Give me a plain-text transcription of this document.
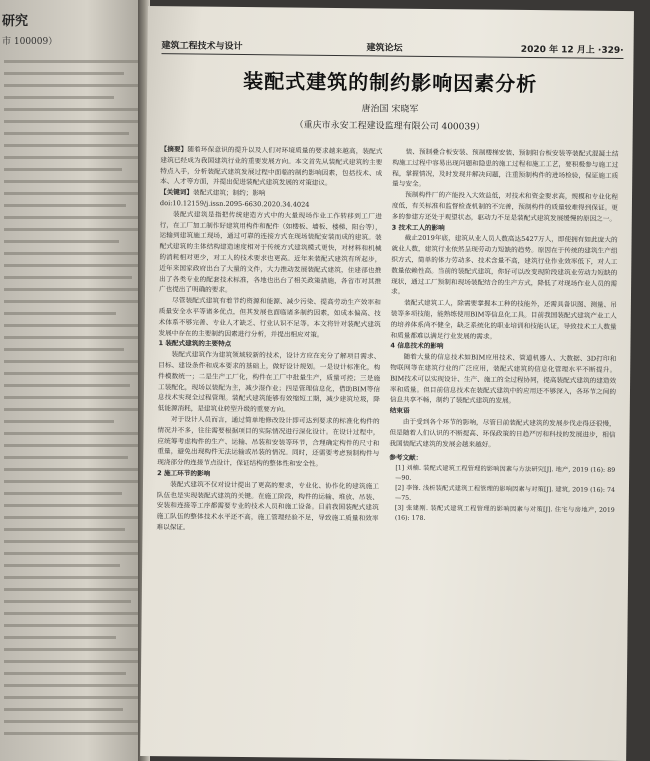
研究
市 100009）	建筑工程技术与设计	建筑论坛	2020 年 12 月上 ·329·
装配式建筑的制约影响因素分析
唐治国 宋晓军
（重庆市永安工程建设监理有限公司 400039）

【摘要】随着环保意识的提升以及人们对环境质量的要求越来越高，装配式建筑已经成为我国建筑行业的重要发展方向。本文首先从装配式建筑的主要特点入手，分析装配式建筑发展过程中面临的制约影响因素，包括技术、成本、人才等方面，并提出促进装配式建筑发展的对策建议。

【关键词】装配式建筑；制约；影响

doi:10.12159/j.issn.2095-6630.2020.34.4024

装配式建筑是指把传统建造方式中的大量现场作业工作转移到工厂进行，在工厂加工制作好建筑用构件和配件（如楼板、墙板、楼梯、阳台等），运输到建筑施工现场，通过可靠的连接方式在现场装配安装而成的建筑。装配式建筑的主体结构建造速度相对于传统方式建筑模式更快，对材料和机械的消耗相对更少，对工人的技术要求也更高。近年来装配式建筑有所起步，近年来国家政府出台了大量的文件，大力推动发展装配式建筑，住建部也推出了各类专业的配套技术标准，各地也出台了相关政策措施，各省市对其推广也提出了明确的要求。

尽管装配式建筑有着节约资源和能源、减少污染、提高劳动生产效率和质量安全水平等诸多优点，但其发展也面临诸多制约因素，如成本偏高、技术体系不够完善、专业人才缺乏、行业认识不足等。本文将针对装配式建筑发展中存在的主要制约因素进行分析，并提出相应对策。

1 装配式建筑的主要特点

装配式建筑作为建筑领域较新的技术，设计方应在充分了解项目需求、目标、建设条件和成本要求的基础上，做好设计规划。一是设计标准化，构件模数统一；二是生产工厂化，构件在工厂中批量生产，质量可控；三是施工装配化，现场以装配为主，减少湿作业；四是管理信息化，借助BIM等信息技术实现全过程管理。装配式建筑能够有效缩短工期，减少建筑垃圾，降低能源消耗，是建筑业转型升级的重要方向。

对于设计人员而言，通过简单地修改设计即可达到要求的标准化构件的情况并不多，往往需要根据项目的实际情况进行深化设计。在设计过程中，应统筹考虑构件的生产、运输、吊装和安装等环节，合理确定构件的尺寸和重量，避免出现构件无法运输或吊装的情况。同时，还需要考虑预制构件与现浇部分的连接节点设计，保证结构的整体性和安全性。

2 施工环节的影响

装配式建筑不仅对设计提出了更高的要求，专业化、协作化的建筑施工队伍也是实现装配式建筑的关键。在施工阶段，构件的运输、堆放、吊装、安装和连接等工序都需要专业的技术人员和施工设备。目前我国装配式建筑施工队伍的整体技术水平还不高，施工管理经验不足，导致施工质量和效率难以保证。

装、预制叠合板安装、预制楼梯安装、预制阳台板安装等装配式混凝土结构施工过程中容易出现问题和隐患的施工过程和施工工艺，要积极参与施工过程，掌握情况，及时发现并解决问题，注重预制构件的进场检验，保证施工质量与安全。

预制构件厂的产能投入大效益低，对技术和资金要求高，规模和专业化程度低，有关标准和监督检查机制的不完善，预制构件的质量较难得到保证。更多的参建方还处于观望状态，驱动力不足是装配式建筑发展缓慢的原因之一。

3 技术工人的影响

截止2019年底，建筑从业人员人数高达5427万人，即使拥有如此庞大的就业人数，建筑行业依然呈现劳动力短缺的趋势。原因在于传统的建筑生产组织方式，简单的体力劳动多、技术含量不高，建筑行业作业效率低下，对人工数量依赖性高。当前的装配式建筑，你好可以改变现阶段建筑业劳动力短缺的现状，通过工厂预制和现场装配结合的生产方式，降低了对现场作业人员的需求。

装配式建筑工人，除需要掌握本工种的技能外，还需具备识图、测量、吊装等多项技能，能熟练使用BIM等信息化工具。目前我国装配式建筑产业工人的培养体系尚不健全，缺乏系统化的职业培训和技能认证，导致技术工人数量和质量都难以满足行业发展的需求。

4 信息技术的影响

随着大量的信息技术如BIM应用技术、管道机器人、大数据、3D打印和物联网等在建筑行业的广泛应用，装配式建筑的信息化管理水平不断提升。BIM技术可以实现设计、生产、施工的全过程协同，提高装配式建筑的建造效率和质量。但目前信息技术在装配式建筑中的应用还不够深入，各环节之间的信息共享不畅，制约了装配式建筑的发展。

结束语

由于受到各个环节的影响，尽管目前装配式建筑的发展步伐走得还很慢，但是随着人们认识的不断提高、环保政策的日趋严厉和科技的发展进步，相信我国装配式建筑的发展会越来越好。

参考文献：

[1] 刘楠. 装配式建筑工程管理的影响因素与方法研究[J]. 地产, 2019 (16): 89—90.

[2] 李锋. 浅析装配式建筑工程管理的影响因素与对策[J]. 建筑, 2019 (16): 74—75.

[3] 张建刚. 装配式建筑工程管理的影响因素与对策[J]. 住宅与房地产, 2019 (16): 178.
